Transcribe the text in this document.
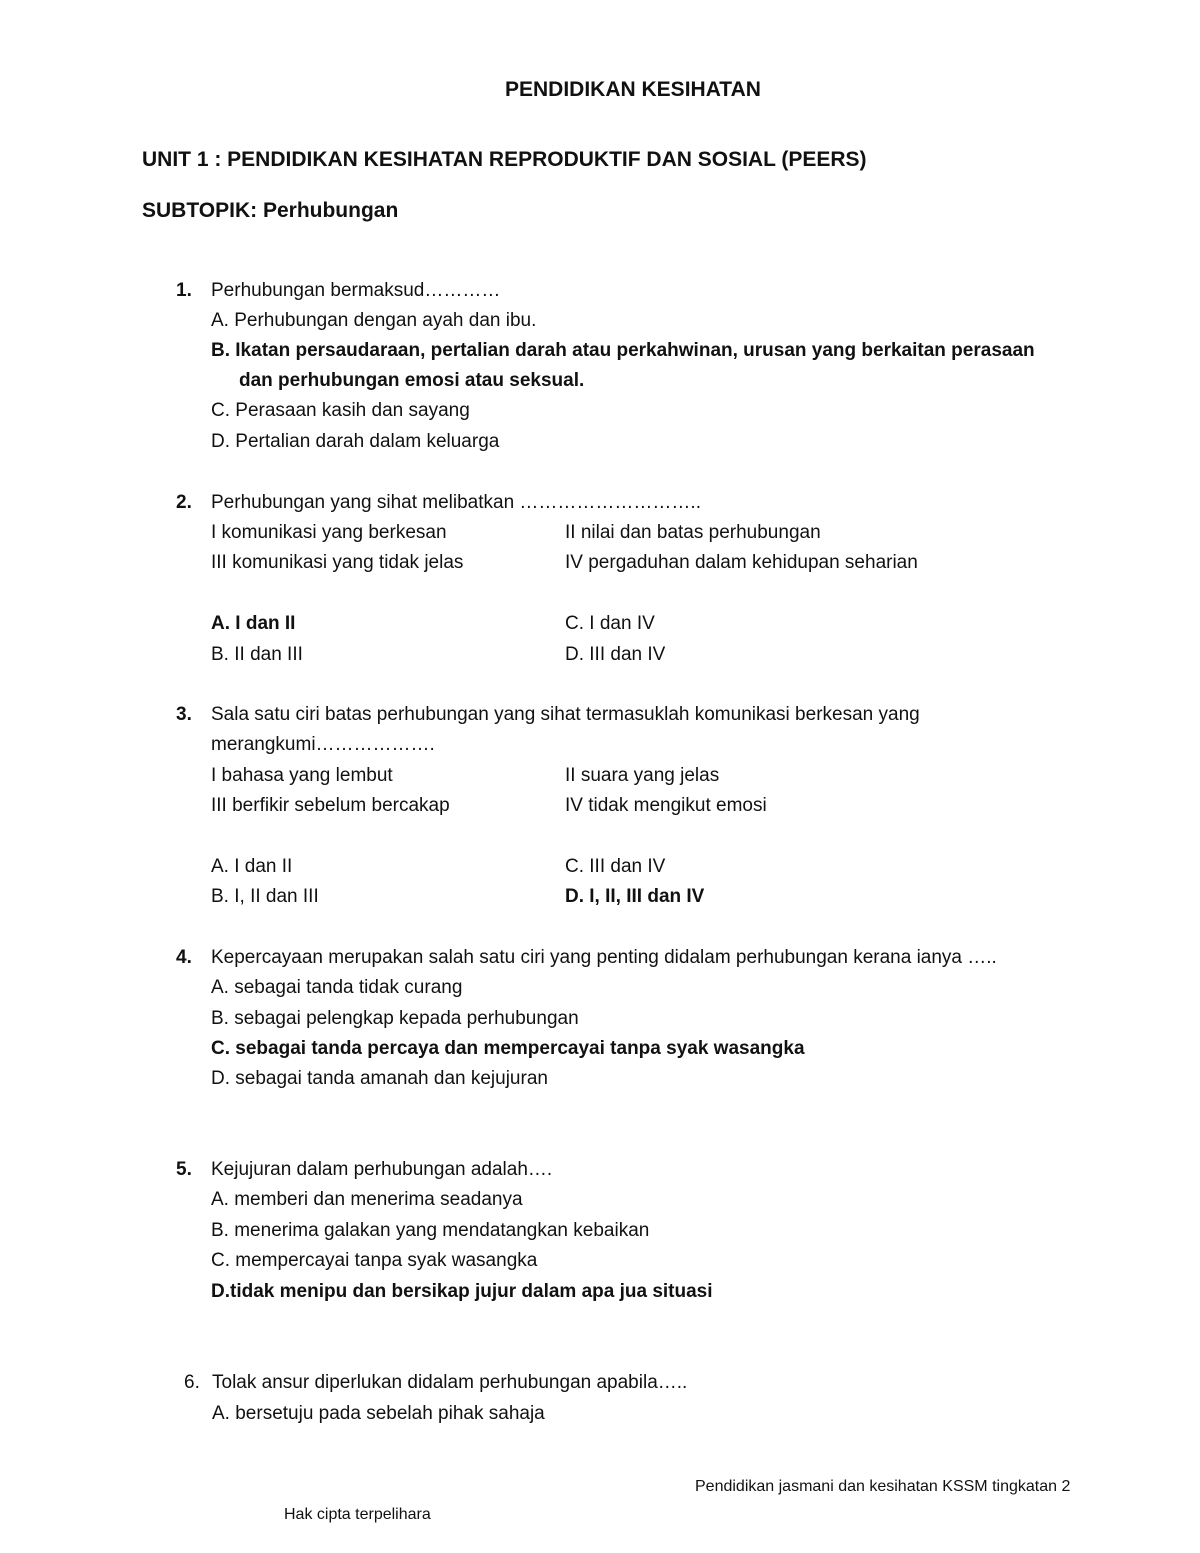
PENDIDIKAN KESIHATAN
UNIT 1 : PENDIDIKAN KESIHATAN REPRODUKTIF DAN SOSIAL (PEERS)
SUBTOPIK: Perhubungan
1. Perhubungan bermaksud…………
A. Perhubungan dengan ayah dan ibu.
B. Ikatan persaudaraan, pertalian darah atau perkahwinan, urusan yang berkaitan perasaan
dan perhubungan emosi atau seksual.
C. Perasaan kasih dan sayang
D. Pertalian darah dalam keluarga
2. Perhubungan yang sihat melibatkan ………………………..
I komunikasi yang berkesan	II nilai dan batas perhubungan
III komunikasi yang tidak jelas	IV pergaduhan dalam kehidupan seharian
A. I dan II	C. I dan IV
B. II dan III	D. III dan IV
3. Sala satu ciri batas perhubungan yang sihat termasuklah komunikasi berkesan yang
merangkumi……………….
I bahasa yang lembut	II suara yang jelas
III berfikir sebelum bercakap	IV tidak mengikut emosi
A. I dan II	C. III dan IV
B. I, II dan III	D. I, II, III dan IV
4. Kepercayaan merupakan salah satu ciri yang penting didalam perhubungan kerana ianya …..
A. sebagai tanda tidak curang
B. sebagai pelengkap kepada perhubungan
C. sebagai tanda percaya dan mempercayai tanpa syak wasangka
D. sebagai tanda amanah dan kejujuran
5. Kejujuran dalam perhubungan adalah….
A. memberi dan menerima seadanya
B. menerima galakan yang mendatangkan kebaikan
C. mempercayai tanpa syak wasangka
D.tidak menipu dan bersikap jujur dalam apa jua situasi
6. Tolak ansur diperlukan didalam perhubungan apabila…..
A. bersetuju pada sebelah pihak sahaja
Pendidikan jasmani dan kesihatan KSSM tingkatan 2
Hak cipta terpelihara
